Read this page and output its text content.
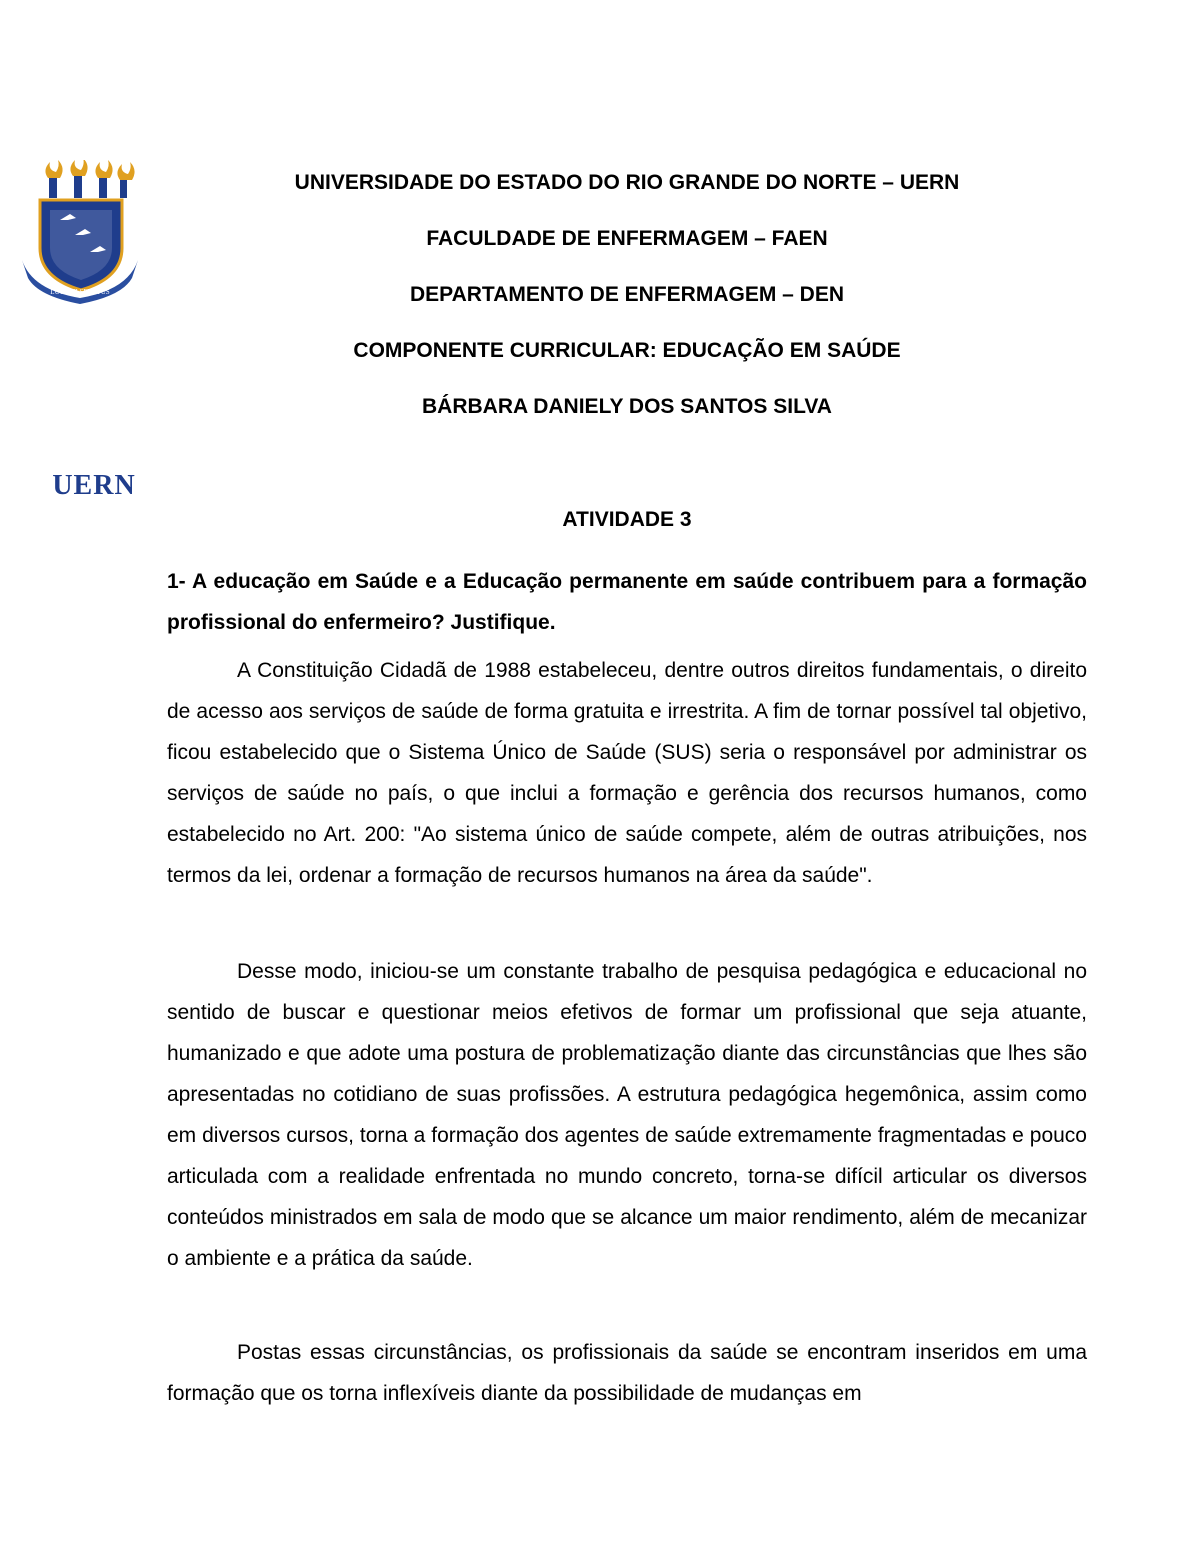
LUCE VI SPIRITUS
UERN
UNIVERSIDADE DO ESTADO DO RIO GRANDE DO NORTE – UERN
FACULDADE DE ENFERMAGEM – FAEN
DEPARTAMENTO DE ENFERMAGEM – DEN
COMPONENTE CURRICULAR: EDUCAÇÃO EM SAÚDE
BÁRBARA DANIELY DOS SANTOS SILVA
ATIVIDADE 3
1- A educação em Saúde e a Educação permanente em saúde contribuem para a formação profissional do enfermeiro? Justifique.

A Constituição Cidadã de 1988 estabeleceu, dentre outros direitos fundamentais, o direito de acesso aos serviços de saúde de forma gratuita e irrestrita. A fim de tornar possível tal objetivo, ficou estabelecido que o Sistema Único de Saúde (SUS) seria o responsável por administrar os serviços de saúde no país, o que inclui a formação e gerência dos recursos humanos, como estabelecido no Art. 200: "Ao sistema único de saúde compete, além de outras atribuições, nos termos da lei, ordenar a formação de recursos humanos na área da saúde".

Desse modo, iniciou-se um constante trabalho de pesquisa pedagógica e educacional no sentido de buscar e questionar meios efetivos de formar um profissional que seja atuante, humanizado e que adote uma postura de problematização diante das circunstâncias que lhes são apresentadas no cotidiano de suas profissões. A estrutura pedagógica hegemônica, assim como em diversos cursos, torna a formação dos agentes de saúde extremamente fragmentadas e pouco articulada com a realidade enfrentada no mundo concreto, torna-se difícil articular os diversos conteúdos ministrados em sala de modo que se alcance um maior rendimento, além de mecanizar o ambiente e a prática da saúde.

Postas essas circunstâncias, os profissionais da saúde se encontram inseridos em uma formação que os torna inflexíveis diante da possibilidade de mudanças em
